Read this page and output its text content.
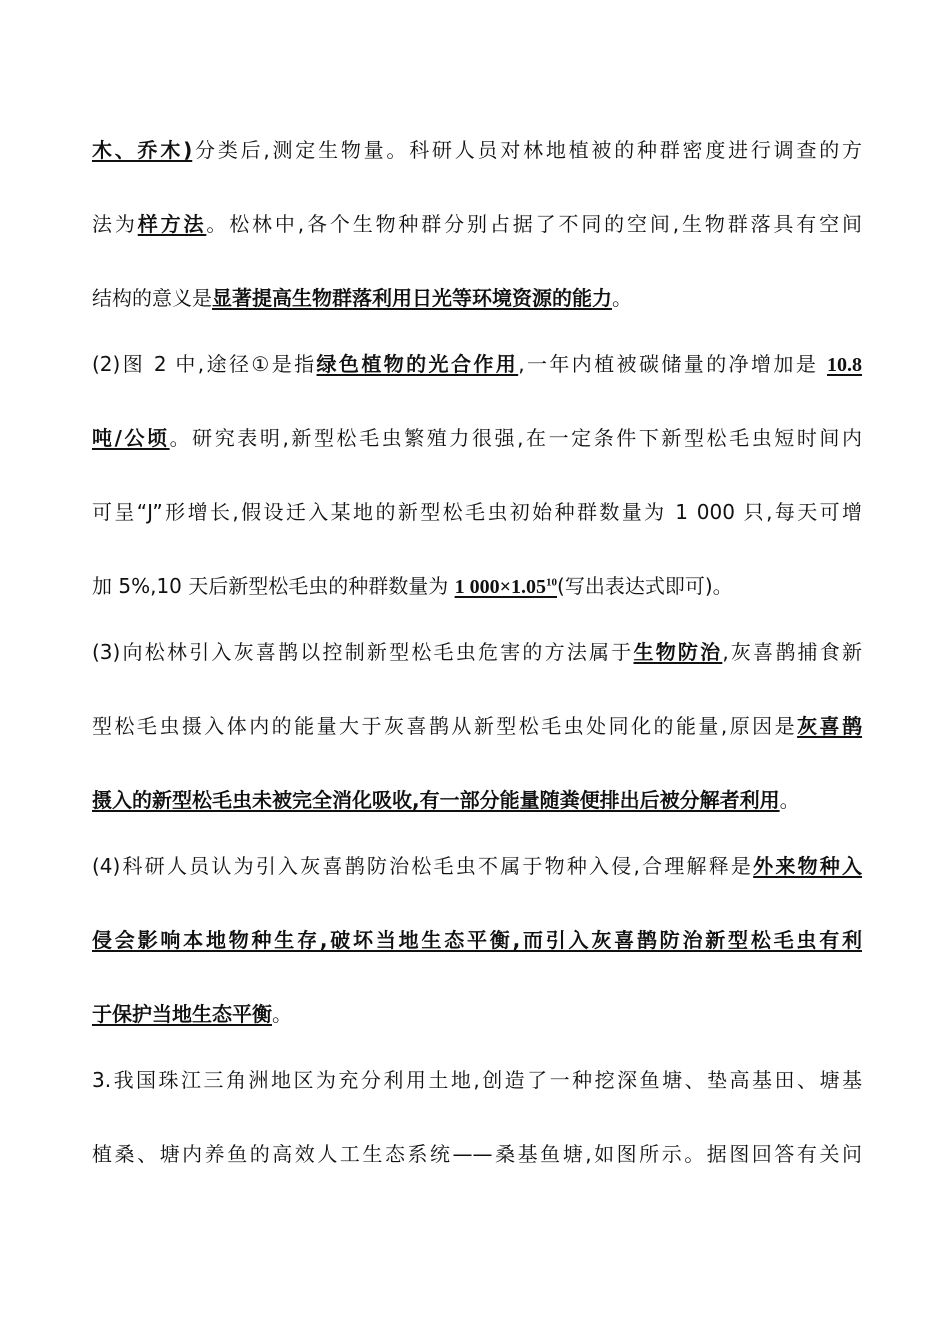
木、乔木)分类后,测定生物量。科研人员对林地植被的种群密度进行调查的方
法为样方法。松林中,各个生物种群分别占据了不同的空间,生物群落具有空间
结构的意义是显著提高生物群落利用日光等环境资源的能力。
(2)图 2 中,途径①是指绿色植物的光合作用,一年内植被碳储量的净增加是 10.8
吨/公顷。研究表明,新型松毛虫繁殖力很强,在一定条件下新型松毛虫短时间内
可呈“J”形增长,假设迁入某地的新型松毛虫初始种群数量为 1 000 只,每天可增
加 5%,10 天后新型松毛虫的种群数量为 1 $000\times 1.05^{10}$(写出表达式即可)。
(3)向松林引入灰喜鹊以控制新型松毛虫危害的方法属于生物防治,灰喜鹊捕食新
型松毛虫摄入体内的能量大于灰喜鹊从新型松毛虫处同化的能量,原因是灰喜鹊
摄入的新型松毛虫未被完全消化吸收,有一部分能量随粪便排出后被分解者利用。
(4)科研人员认为引入灰喜鹊防治松毛虫不属于物种入侵,合理解释是外来物种入
侵会影响本地物种生存,破坏当地生态平衡,而引入灰喜鹊防治新型松毛虫有利
于保护当地生态平衡。
3.我国珠江三角洲地区为充分利用土地,创造了一种挖深鱼塘、垫高基田、塘基
植桑、塘内养鱼的高效人工生态系统——桑基鱼塘,如图所示。据图回答有关问
